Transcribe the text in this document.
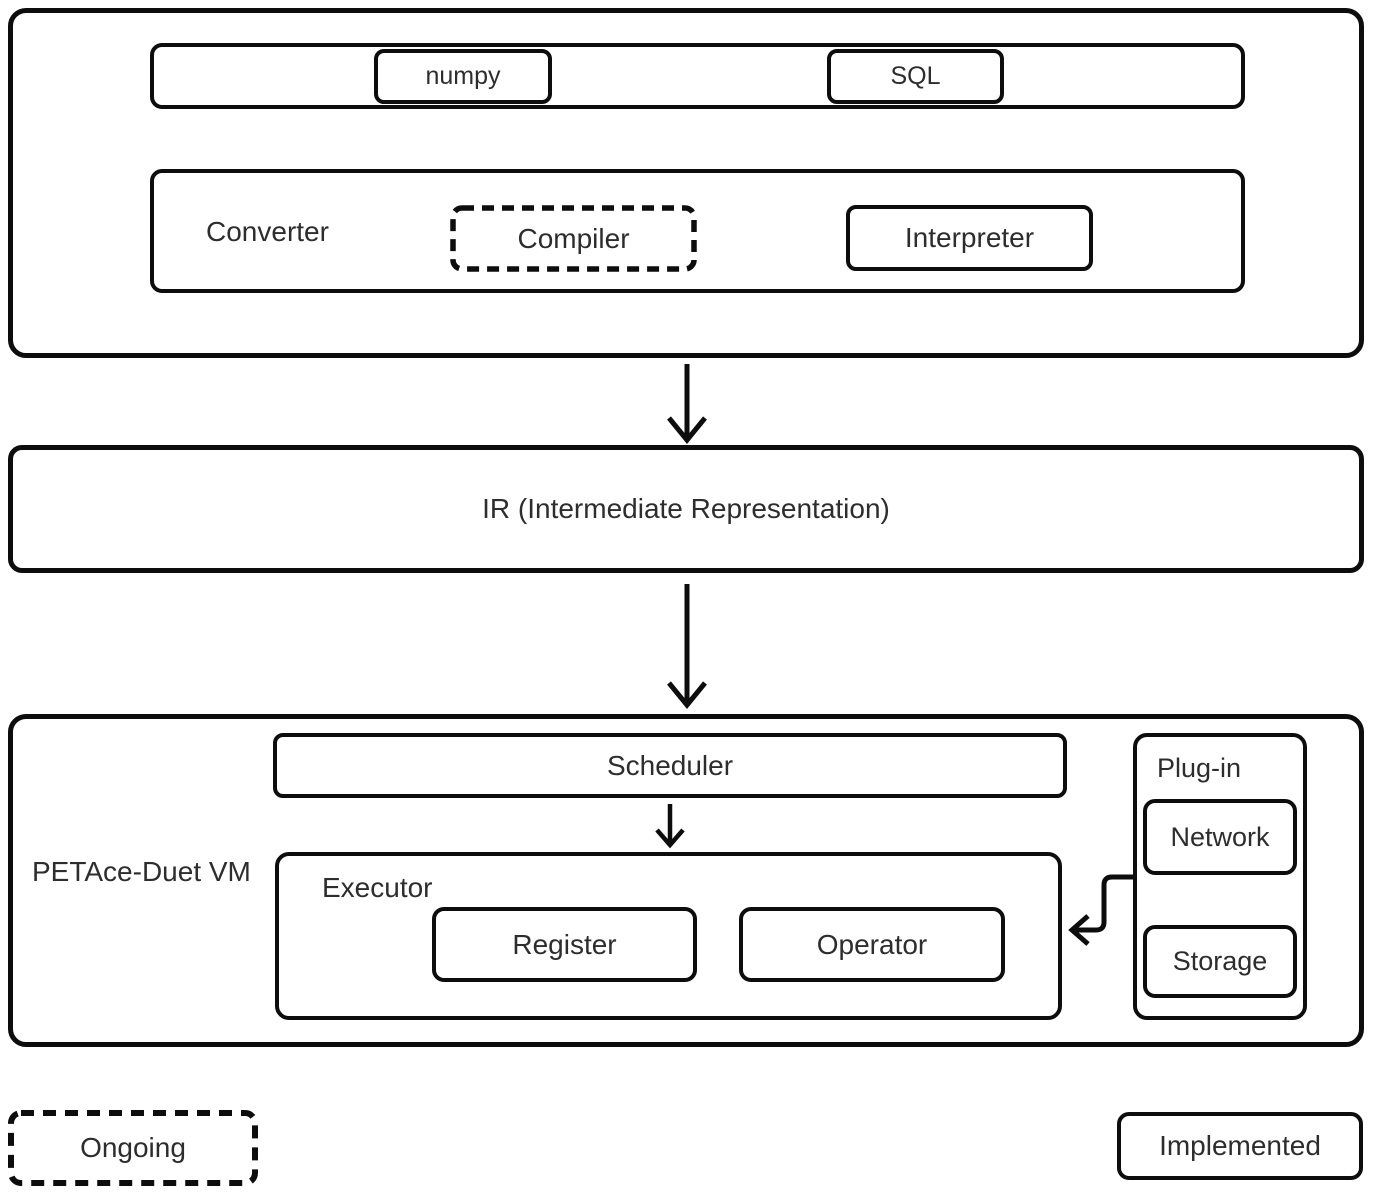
numpy	SQL
Converter	Compiler	Interpreter
IR (Intermediate Representation)
PETAce-Duet VM
Scheduler
Executor
Register	Operator
Plug-in
Network
Storage
Ongoing	Implemented
